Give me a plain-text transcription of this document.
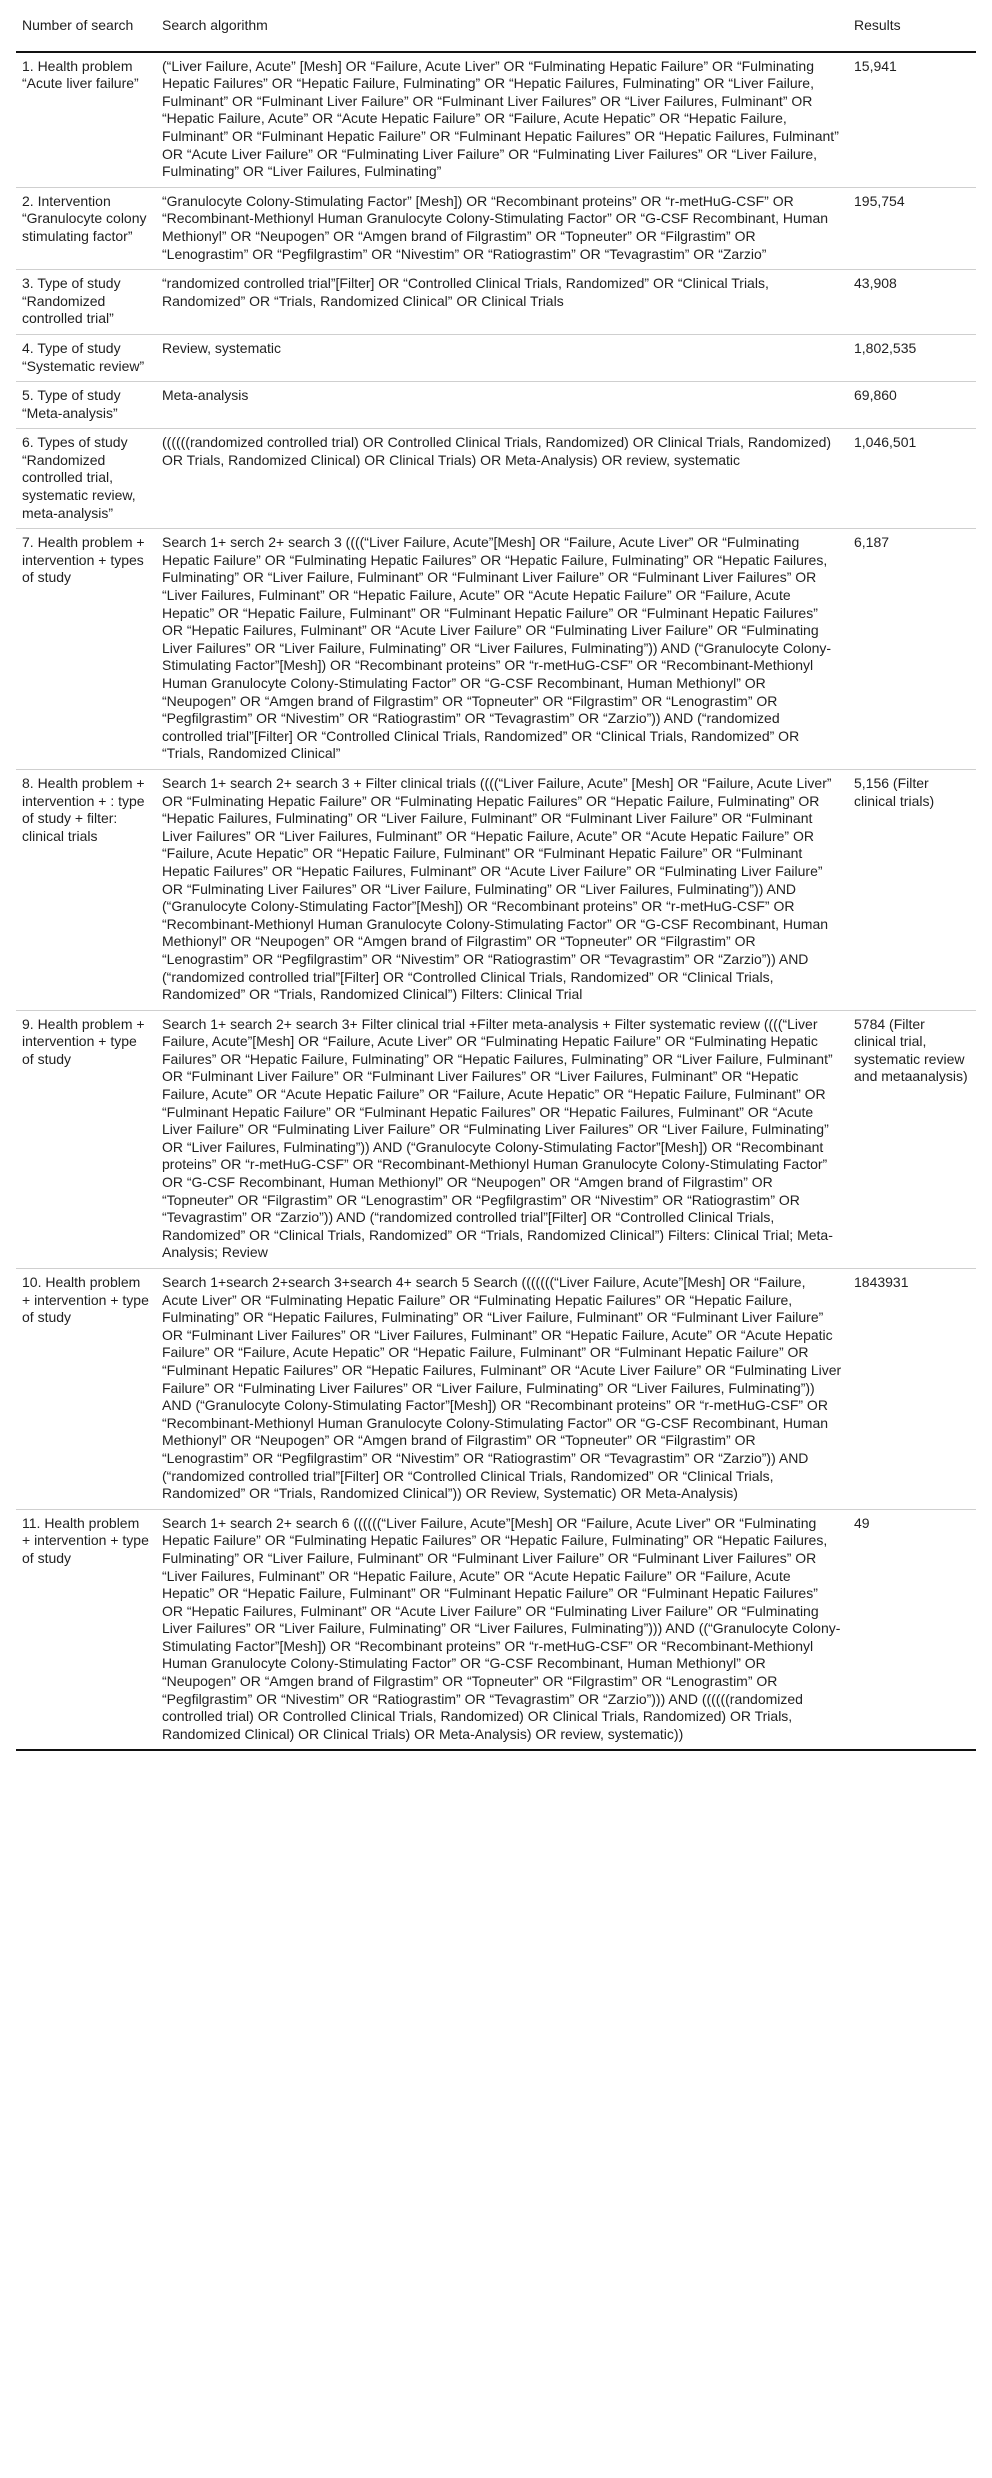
Number of search	Search algorithm	Results
1. Health problem “Acute liver failure”	(“Liver Failure, Acute” [Mesh] OR “Failure, Acute Liver” OR “Fulminating Hepatic Failure” OR “Fulminating Hepatic Failures” OR “Hepatic Failure, Fulminating” OR “Hepatic Failures, Fulminating” OR “Liver Failure, Fulminant” OR “Fulminant Liver Failure” OR “Fulminant Liver Failures” OR “Liver Failures, Fulminant” OR “Hepatic Failure, Acute” OR “Acute Hepatic Failure” OR “Failure, Acute Hepatic” OR “Hepatic Failure, Fulminant” OR “Fulminant Hepatic Failure” OR “Fulminant Hepatic Failures” OR “Hepatic Failures, Fulminant” OR “Acute Liver Failure” OR “Fulminating Liver Failure” OR “Fulminating Liver Failures” OR “Liver Failure, Fulminating” OR “Liver Failures, Fulminating”	15,941
2. Intervention “Granulocyte colony stimulating factor”	“Granulocyte Colony-Stimulating Factor” [Mesh]) OR “Recombinant proteins” OR “r-metHuG-CSF” OR “Recombinant-Methionyl Human Granulocyte Colony-Stimulating Factor” OR “G-CSF Recombinant, Human Methionyl” OR “Neupogen” OR “Amgen brand of Filgrastim” OR “Topneuter” OR “Filgrastim” OR “Lenograstim” OR “Pegfilgrastim” OR “Nivestim” OR “Ratiograstim” OR “Tevagrastim” OR “Zarzio”	195,754
3. Type of study “Randomized controlled trial”	“randomized controlled trial”[Filter] OR “Controlled Clinical Trials, Randomized” OR “Clinical Trials, Randomized” OR “Trials, Randomized Clinical” OR Clinical Trials	43,908
4. Type of study “Systematic review”	Review, systematic	1,802,535
5. Type of study “Meta-analysis”	Meta-analysis	69,860
6. Types of study “Randomized controlled trial, systematic review, meta-analysis”	((((((randomized controlled trial) OR Controlled Clinical Trials, Randomized) OR Clinical Trials, Randomized) OR Trials, Randomized Clinical) OR Clinical Trials) OR Meta-Analysis) OR review, systematic	1,046,501
7. Health problem + intervention + types of study	Search 1+ serch 2+ search 3 ((((“Liver Failure, Acute”[Mesh] OR “Failure, Acute Liver” OR “Fulminating Hepatic Failure” OR “Fulminating Hepatic Failures” OR “Hepatic Failure, Fulminating” OR “Hepatic Failures, Fulminating” OR “Liver Failure, Fulminant” OR “Fulminant Liver Failure” OR “Fulminant Liver Failures” OR “Liver Failures, Fulminant” OR “Hepatic Failure, Acute” OR “Acute Hepatic Failure” OR “Failure, Acute Hepatic” OR “Hepatic Failure, Fulminant” OR “Fulminant Hepatic Failure” OR “Fulminant Hepatic Failures” OR “Hepatic Failures, Fulminant” OR “Acute Liver Failure” OR “Fulminating Liver Failure” OR “Fulminating Liver Failures” OR “Liver Failure, Fulminating” OR “Liver Failures, Fulminating”)) AND (“Granulocyte Colony-Stimulating Factor”[Mesh]) OR “Recombinant proteins” OR “r-metHuG-CSF” OR “Recombinant-Methionyl Human Granulocyte Colony-Stimulating Factor” OR “G-CSF Recombinant, Human Methionyl” OR “Neupogen” OR “Amgen brand of Filgrastim” OR “Topneuter” OR “Filgrastim” OR “Lenograstim” OR “Pegfilgrastim” OR “Nivestim” OR “Ratiograstim” OR “Tevagrastim” OR “Zarzio”)) AND (“randomized controlled trial”[Filter] OR “Controlled Clinical Trials, Randomized” OR “Clinical Trials, Randomized” OR “Trials, Randomized Clinical”	6,187
8. Health problem + intervention + : type of study + filter: clinical trials	Search 1+ search 2+ search 3 + Filter clinical trials ((((“Liver Failure, Acute” [Mesh] OR “Failure, Acute Liver” OR “Fulminating Hepatic Failure” OR “Fulminating Hepatic Failures” OR “Hepatic Failure, Fulminating” OR “Hepatic Failures, Fulminating” OR “Liver Failure, Fulminant” OR “Fulminant Liver Failure” OR “Fulminant Liver Failures” OR “Liver Failures, Fulminant” OR “Hepatic Failure, Acute” OR “Acute Hepatic Failure” OR “Failure, Acute Hepatic” OR “Hepatic Failure, Fulminant” OR “Fulminant Hepatic Failure” OR “Fulminant Hepatic Failures” OR “Hepatic Failures, Fulminant” OR “Acute Liver Failure” OR “Fulminating Liver Failure” OR “Fulminating Liver Failures” OR “Liver Failure, Fulminating” OR “Liver Failures, Fulminating”)) AND (“Granulocyte Colony-Stimulating Factor”[Mesh]) OR “Recombinant proteins” OR “r-metHuG-CSF” OR “Recombinant-Methionyl Human Granulocyte Colony-Stimulating Factor” OR “G-CSF Recombinant, Human Methionyl” OR “Neupogen” OR “Amgen brand of Filgrastim” OR “Topneuter” OR “Filgrastim” OR “Lenograstim” OR “Pegfilgrastim” OR “Nivestim” OR “Ratiograstim” OR “Tevagrastim” OR “Zarzio”)) AND (“randomized controlled trial”[Filter] OR “Controlled Clinical Trials, Randomized” OR “Clinical Trials, Randomized” OR “Trials, Randomized Clinical”) Filters: Clinical Trial	5,156 (Filter clinical trials)
9. Health problem + intervention + type of study	Search 1+ search 2+ search 3+ Filter clinical trial +Filter meta-analysis + Filter systematic review ((((“Liver Failure, Acute”[Mesh] OR “Failure, Acute Liver” OR “Fulminating Hepatic Failure” OR “Fulminating Hepatic Failures” OR “Hepatic Failure, Fulminating” OR “Hepatic Failures, Fulminating” OR “Liver Failure, Fulminant” OR “Fulminant Liver Failure” OR “Fulminant Liver Failures” OR “Liver Failures, Fulminant” OR “Hepatic Failure, Acute” OR “Acute Hepatic Failure” OR “Failure, Acute Hepatic” OR “Hepatic Failure, Fulminant” OR “Fulminant Hepatic Failure” OR “Fulminant Hepatic Failures” OR “Hepatic Failures, Fulminant” OR “Acute Liver Failure” OR “Fulminating Liver Failure” OR “Fulminating Liver Failures” OR “Liver Failure, Fulminating” OR “Liver Failures, Fulminating”)) AND (“Granulocyte Colony-Stimulating Factor”[Mesh]) OR “Recombinant proteins” OR “r-metHuG-CSF” OR “Recombinant-Methionyl Human Granulocyte Colony-Stimulating Factor” OR “G-CSF Recombinant, Human Methionyl” OR “Neupogen” OR “Amgen brand of Filgrastim” OR “Topneuter” OR “Filgrastim” OR “Lenograstim” OR “Pegfilgrastim” OR “Nivestim” OR “Ratiograstim” OR “Tevagrastim” OR “Zarzio”)) AND (“randomized controlled trial”[Filter] OR “Controlled Clinical Trials, Randomized” OR “Clinical Trials, Randomized” OR “Trials, Randomized Clinical”) Filters: Clinical Trial; Meta-Analysis; Review	5784 (Filter clinical trial, systematic review and metaanalysis)
10. Health problem + intervention + type of study	Search 1+search 2+search 3+search 4+ search 5 Search (((((((“Liver Failure, Acute”[Mesh] OR “Failure, Acute Liver” OR “Fulminating Hepatic Failure” OR “Fulminating Hepatic Failures” OR “Hepatic Failure, Fulminating” OR “Hepatic Failures, Fulminating” OR “Liver Failure, Fulminant” OR “Fulminant Liver Failure” OR “Fulminant Liver Failures” OR “Liver Failures, Fulminant” OR “Hepatic Failure, Acute” OR “Acute Hepatic Failure” OR “Failure, Acute Hepatic” OR “Hepatic Failure, Fulminant” OR “Fulminant Hepatic Failure” OR “Fulminant Hepatic Failures” OR “Hepatic Failures, Fulminant” OR “Acute Liver Failure” OR “Fulminating Liver Failure” OR “Fulminating Liver Failures” OR “Liver Failure, Fulminating” OR “Liver Failures, Fulminating”)) AND (“Granulocyte Colony-Stimulating Factor”[Mesh]) OR “Recombinant proteins” OR “r-metHuG-CSF” OR “Recombinant-Methionyl Human Granulocyte Colony-Stimulating Factor” OR “G-CSF Recombinant, Human Methionyl” OR “Neupogen” OR “Amgen brand of Filgrastim” OR “Topneuter” OR “Filgrastim” OR “Lenograstim” OR “Pegfilgrastim” OR “Nivestim” OR “Ratiograstim” OR “Tevagrastim” OR “Zarzio”)) AND (“randomized controlled trial”[Filter] OR “Controlled Clinical Trials, Randomized” OR “Clinical Trials, Randomized” OR “Trials, Randomized Clinical”)) OR Review, Systematic) OR Meta-Analysis)	1843931
11. Health problem + intervention + type of study	Search 1+ search 2+ search 6 ((((((“Liver Failure, Acute”[Mesh] OR “Failure, Acute Liver” OR “Fulminating Hepatic Failure” OR “Fulminating Hepatic Failures” OR “Hepatic Failure, Fulminating” OR “Hepatic Failures, Fulminating” OR “Liver Failure, Fulminant” OR “Fulminant Liver Failure” OR “Fulminant Liver Failures” OR “Liver Failures, Fulminant” OR “Hepatic Failure, Acute” OR “Acute Hepatic Failure” OR “Failure, Acute Hepatic” OR “Hepatic Failure, Fulminant” OR “Fulminant Hepatic Failure” OR “Fulminant Hepatic Failures” OR “Hepatic Failures, Fulminant” OR “Acute Liver Failure” OR “Fulminating Liver Failure” OR “Fulminating Liver Failures” OR “Liver Failure, Fulminating” OR “Liver Failures, Fulminating”))) AND ((“Granulocyte Colony-Stimulating Factor”[Mesh]) OR “Recombinant proteins” OR “r-metHuG-CSF” OR “Recombinant-Methionyl Human Granulocyte Colony-Stimulating Factor” OR “G-CSF Recombinant, Human Methionyl” OR “Neupogen” OR “Amgen brand of Filgrastim” OR “Topneuter” OR “Filgrastim” OR “Lenograstim” OR “Pegfilgrastim” OR “Nivestim” OR “Ratiograstim” OR “Tevagrastim” OR “Zarzio”))) AND ((((((randomized controlled trial) OR Controlled Clinical Trials, Randomized) OR Clinical Trials, Randomized) OR Trials, Randomized Clinical) OR Clinical Trials) OR Meta-Analysis) OR review, systematic))	49
